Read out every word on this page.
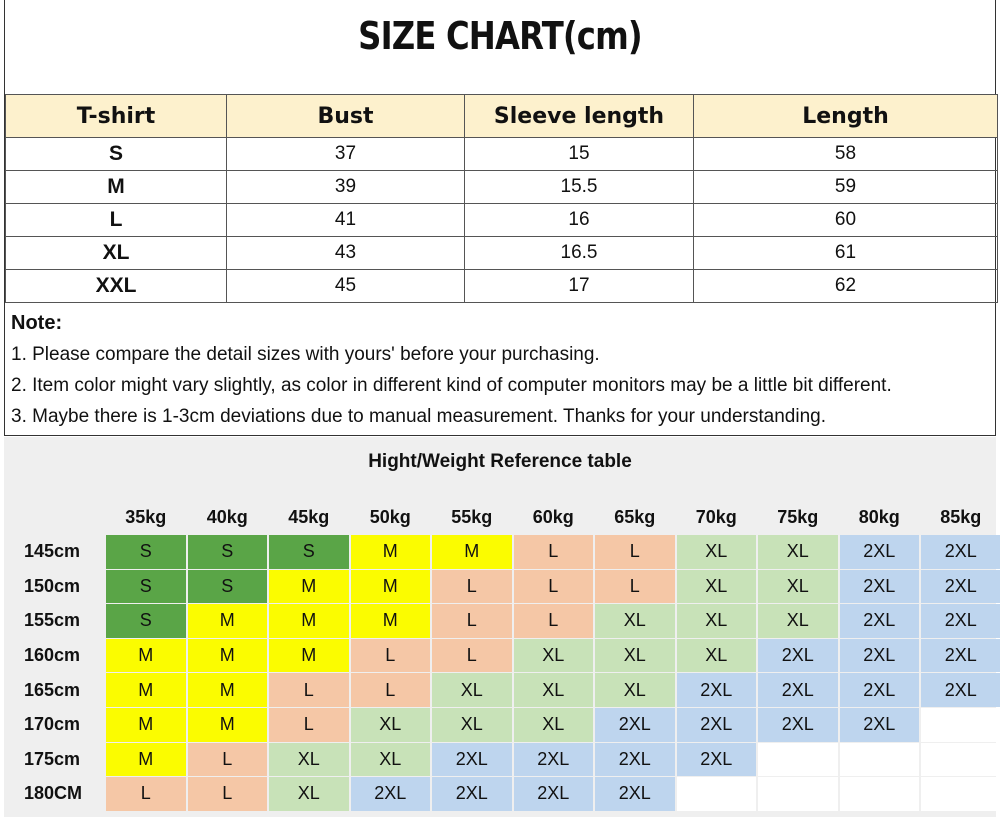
SIZE CHART(cm)
T-shirt	Bust	Sleeve length	Length
S	37	15	58
M	39	15.5	59
L	41	16	60
XL	43	16.5	61
XXL	45	17	62
Note:
1. Please compare the detail sizes with yours' before your purchasing.
2. Item color might vary slightly, as color in different kind of computer monitors may be a little bit different.
3. Maybe there is 1-3cm deviations due to manual measurement. Thanks for your understanding.
Hight/Weight Reference table
35kg	40kg	45kg	50kg	55kg	60kg	65kg	70kg	75kg	80kg	85kg
145cm	S	S	S	M	M	L	L	XL	XL	2XL	2XL
150cm	S	S	M	M	L	L	L	XL	XL	2XL	2XL
155cm	S	M	M	M	L	L	XL	XL	XL	2XL	2XL
160cm	M	M	M	L	L	XL	XL	XL	2XL	2XL	2XL
165cm	M	M	L	L	XL	XL	XL	2XL	2XL	2XL	2XL
170cm	M	M	L	XL	XL	XL	2XL	2XL	2XL	2XL
175cm	M	L	XL	XL	2XL	2XL	2XL	2XL
180CM	L	L	XL	2XL	2XL	2XL	2XL
